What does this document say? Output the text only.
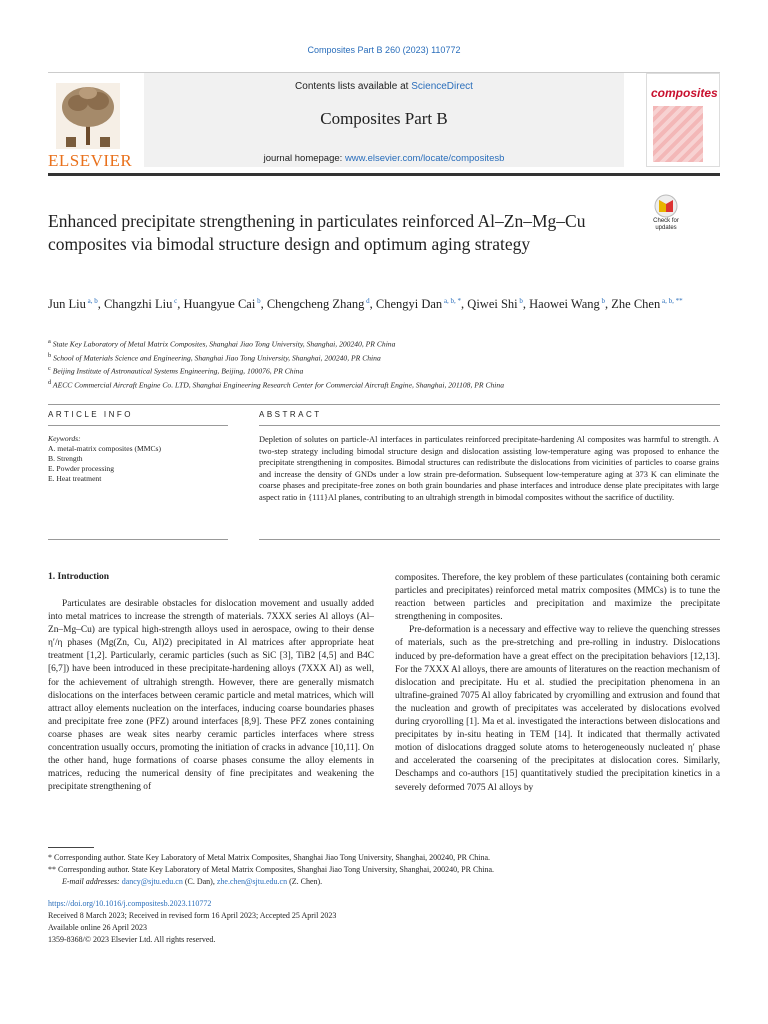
Composites Part B 260 (2023) 110772
ELSEVIER
Contents lists available at ScienceDirect
Composites Part B
journal homepage: www.elsevier.com/locate/compositesb
composites
Check for updates
Enhanced precipitate strengthening in particulates reinforced Al–Zn–Mg–Cu composites via bimodal structure design and optimum aging strategy
Jun Liu $^{a, b}$, Changzhi Liu $^c$, Huangyue Cai $^b$, Chengcheng Zhang $^d$, Chengyi Dan $^{a, b, *}$, Qiwei Shi $^b$, Haowei Wang $^b$, Zhe Chen $^{a, b, **}$
$^a$ State Key Laboratory of Metal Matrix Composites, Shanghai Jiao Tong University, Shanghai, 200240, PR China
$^b$ School of Materials Science and Engineering, Shanghai Jiao Tong University, Shanghai, 200240, PR China
$^c$ Beijing Institute of Astronautical Systems Engineering, Beijing, 100076, PR China
$^d$ AECC Commercial Aircraft Engine Co. LTD, Shanghai Engineering Research Center for Commercial Aircraft Engine, Shanghai, 201108, PR China
ARTICLE INFO	ABSTRACT
Keywords:
A. metal-matrix composites (MMCs)
B. Strength
E. Powder processing
E. Heat treatment
Depletion of solutes on particle-Al interfaces in particulates reinforced precipitate-hardening Al composites was harmful to strength. A two-step strategy including bimodal structure design and dislocation assisting low-temperature aging was proposed to enhance the precipitate strengthening in composites. Bimodal structures can redistribute the dislocations from vicinities of particles to coarse grains and increase the density of GNDs under a low strain pre-deformation. Subsequent low-temperature aging at 373 K can eliminate the coarse phases and precipitate-free zones on both grain boundaries and phase interfaces and introduce dense plate precipitates with large aspect ratio in {111}Al planes, contributing to an ultrahigh strength in bimodal composites without the sacrifice of ductility.
1. Introduction

Particulates are desirable obstacles for dislocation movement and usually added into metal matrices to increase the strength of materials. 7XXX series Al alloys (Al–Zn–Mg–Cu) are typical high-strength alloys used in aerospace, owing to their dense η′/η phases (Mg(Zn, Cu, Al)2) precipitated in Al matrices after appropriate heat treatment [1,2]. Particularly, ceramic particles (such as SiC [3], TiB2 [4,5] and B4C [6,7]) have been introduced in these precipitate-hardening alloys (7XXX Al) as well, for the achievement of ultrahigh strength. However, there are generally mismatch dislocations on the interfaces between ceramic particle and metal matrices, which will attract alloy elements nucleation on the interfaces, inducing coarse boundaries phases and precipitate free zone (PFZ) around interfaces [8,9]. These PFZ zones containing coarse phases are weak sites nearby ceramic particles interfaces where stress concentration usually occurs, promoting the initiation of cracks in advance [10,11]. On the other hand, huge formations of coarse phases consume the alloy elements in matrices, reducing the numerical density of fine precipitates and weakening the precipitate strengthening of

composites. Therefore, the key problem of these particulates (containing both ceramic particles and precipitates) reinforced metal matrix composites (MMCs) is to tune the reaction between particles and precipitation and maximize the precipitate strengthening in composites.

Pre-deformation is a necessary and effective way to relieve the quenching stresses of materials, such as the pre-stretching and pre-rolling in industry. Dislocations induced by pre-deformation have a great effect on the precipitation behaviors [12,13]. For the 7XXX Al alloys, there are amounts of literatures on the reaction mechanism of dislocation and precipitate. Hu et al. studied the precipitation phenomena in an ultrafine-grained 7075 Al alloy fabricated by cryomilling and extrusion and found that the nucleation and growth of precipitates was accelerated by dislocations evolved during cryorolling [1]. Ma et al. investigated the interactions between dislocations and precipitates by in-situ heating in TEM [14]. It indicated that thermally activated motion of dislocations dragged solute atoms to heterogeneously nucleated η′ phase and accelerated the coarsening of the precipitates at dislocation cores. Similarly, Deschamps and co-authors [15] quantitatively studied the precipitation kinetics in a severely deformed 7075 Al alloys by

* Corresponding author. State Key Laboratory of Metal Matrix Composites, Shanghai Jiao Tong University, Shanghai, 200240, PR China.
** Corresponding author. State Key Laboratory of Metal Matrix Composites, Shanghai Jiao Tong University, Shanghai, 200240, PR China.
E-mail addresses: dancy@sjtu.edu.cn (C. Dan), zhe.chen@sjtu.edu.cn (Z. Chen).
https://doi.org/10.1016/j.compositesb.2023.110772
Received 8 March 2023; Received in revised form 16 April 2023; Accepted 25 April 2023
Available online 26 April 2023
1359-8368/© 2023 Elsevier Ltd. All rights reserved.
